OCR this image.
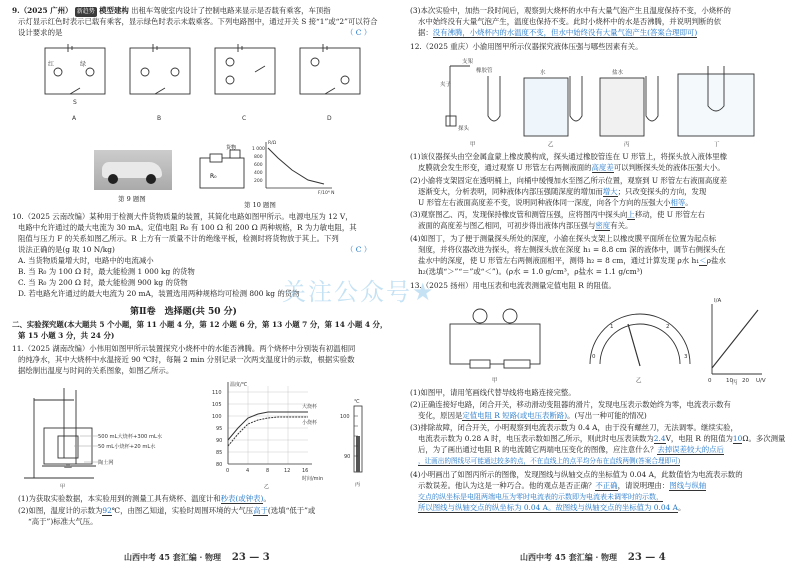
9.（2025 广州） 新趋势 模型建构 出租车驾驶室内设计了控制电路来显示是否载有乘客，车顶指
示灯显示红色时表示已载有乘客，显示绿色时表示未载乘客。下列电路图中，通过开关 S 接“1”或“2”可以符合
设计要求的是	（ C ）
红	绿
S
A	B	C	D
第 9 题图
R₀
货物	1 000
800
600
400
200
R/Ω
F/10⁴ N
第 10 题图
10.（2025 云南改编）某种用于检测大件货物质量的装置，其简化电路如图甲所示。电源电压为 12 V，
电路中允许通过的最大电流为 30 mA。定值电阻 R₀ 有 100 Ω 和 200 Ω 两种规格，R 为力敏电阻，其
阻值与压力 F 的关系如图乙所示。R 上方有一质量不计的绝缘平板，检测时将货物放于其上。下列
说法正确的是(g 取 10 N/kg)	（ C ）
A. 当货物质量增大时，电路中的电流减小
B. 当 R₀ 为 100 Ω 时，最大能检测 1 000 kg 的货物
C. 当 R₀ 为 200 Ω 时，最大能检测 900 kg 的货物
D. 若电路允许通过的最大电流为 20 mA，装置选用两种规格均可检测 800 kg 的货物
第Ⅱ卷　选择题(共 50 分)
二、实验探究题(本大题共 5 个小题，第 11 小题 4 分，第 12 小题 6 分，第 13 小题 7 分，第 14 小题 4 分，
第 15 小题 3 分，共 24 分)
11.（2025 湖南改编）小伟用如图甲所示装置探究小烧杯中的水能否沸腾。两个烧杯中分别装有初温相同
的纯净水，其中大烧杯中水温接近 90 ℃时，每隔 2 min 分别记录一次两支温度计的示数，根据实验数
据绘制出温度与时间的关系图象，如图乙所示。
500 mL大烧杯+300 mL水
50 mL小烧杯+20 mL水
陶土网
甲
温度/℃
110
105
100
95
90
85
80
0	4	8	12 16
时间/min
大烧杯
小烧杯
乙
℃
100
90
丙
(1)为获取实验数据，本实验用到的测量工具有烧杯、温度计和秒表(或钟表)。
(2)如图，温度计的示数为92℃，由图乙知道，实验时周围环境的大气压高于(选填“低于”或
“高于”)标准大气压。
山西中考 45 套汇编 · 物理 23 — 3
(3)本次实验中，加热一段时间后，观察到大烧杯的水中有大量气泡产生且温度保持不变，小烧杯的
水中始终没有大量气泡产生，温度也保持不变。此时小烧杯中的水是否沸腾，并说明判断的依
据：没有沸腾，小烧杯内的水温度不变，但水中始终没有大量气泡产生(答案合理即可)
12.（2025 重庆）小渝用图甲所示仪器探究液体压强与哪些因素有关。
支架
夹子
橡胶管
探头
水	盐水
甲	乙	丙	丁
(1)该仪器探头由空金属盒蒙上橡皮膜构成，探头通过橡胶管连在 U 形管上，将探头放入液体里橡
皮膜就会发生形变，通过观察 U 形管左右两侧液面的高度差可以判断探头处的液体压强大小。
(2)小渝将支架固定在透明桶上，向桶中缓慢加水至图乙所示位置，观察到 U 形管左右液面高度差
逐渐变大，分析表明，同种液体内部压强随深度的增加而增大；只改变探头的方向，发现
U 形管左右液面高度差不变，说明同种液体同一深度，向各个方向的压强大小相等。
(3)观察图乙、丙，发现保持橡皮管和测管压强，应将图丙中探头向上移动，使 U 形管左右
液面的高度差与图乙相同，可初步得出液体内部压强与密度有关。
(4)如图丁，为了便于测量探头所处的深度，小渝在探头支架上以橡皮膜平面所在位置为起点标
刻度，并将仪器改进为探头，将左侧探头放在深度 h₁ = 8.8 cm 深的液体中，调节右侧探头在
盐水中的深度，使 U 形管左右两侧液面相平，测得 h₂ = 8 cm，通过计算发现 ρ水 h₁＜ρ盐水
h₂(选填“＞”“＝”或“＜”)。(ρ水 = 1.0 g/cm³，ρ盐水 = 1.1 g/cm³)
13.（2025 扬州）用电压表和电流表测量定值电阻 R 的阻值。
甲	乙	丙
I/A
U/V
0	10 20
0
1	2
3
(1)如图甲，请用笔画线代替导线将电路连接完整。
(2)正确连接好电路，闭合开关，移动滑动变阻器的滑片，发现电压表示数始终为零，电流表示数有
变化，原因是定值电阻 R 短路(或电压表断路)。(写出一种可能的情况)
(3)排除故障，闭合开关，小明观察到电流表示数为 0.4 A，由于没有螺丝刀，无法调零。继续实验，
电流表示数为 0.28 A 时，电压表示数如图乙所示，则此时电压表读数为2.4V，电阻 R 的阻值为10Ω。多次测量
后，为了画出通过电阻 R 的电流随它两端电压变化的图像，应注意什么？去掉误差较大的点后
，让画出的图线尽可能通过较多的点，不在直线上的点平均分布在直线两侧(答案合理即可)
(4)小明画出了如图丙所示的图像，发现图线与纵轴交点的坐标值为 0.04 A，此数值恰为电流表示数的
示数误差。他认为这是一种巧合。他的观点是否正确？不正确，请说明理由：图线与纵轴
交点的纵坐标是电阻两端电压为零时电流表的示数即为电流表未调零时的示数，
所以图线与纵轴交点的纵坐标为 0.04 A。故图线与纵轴交点的坐标值为 0.04 A。
山西中考 45 套汇编 · 物理 23 — 4
关注公众号★
